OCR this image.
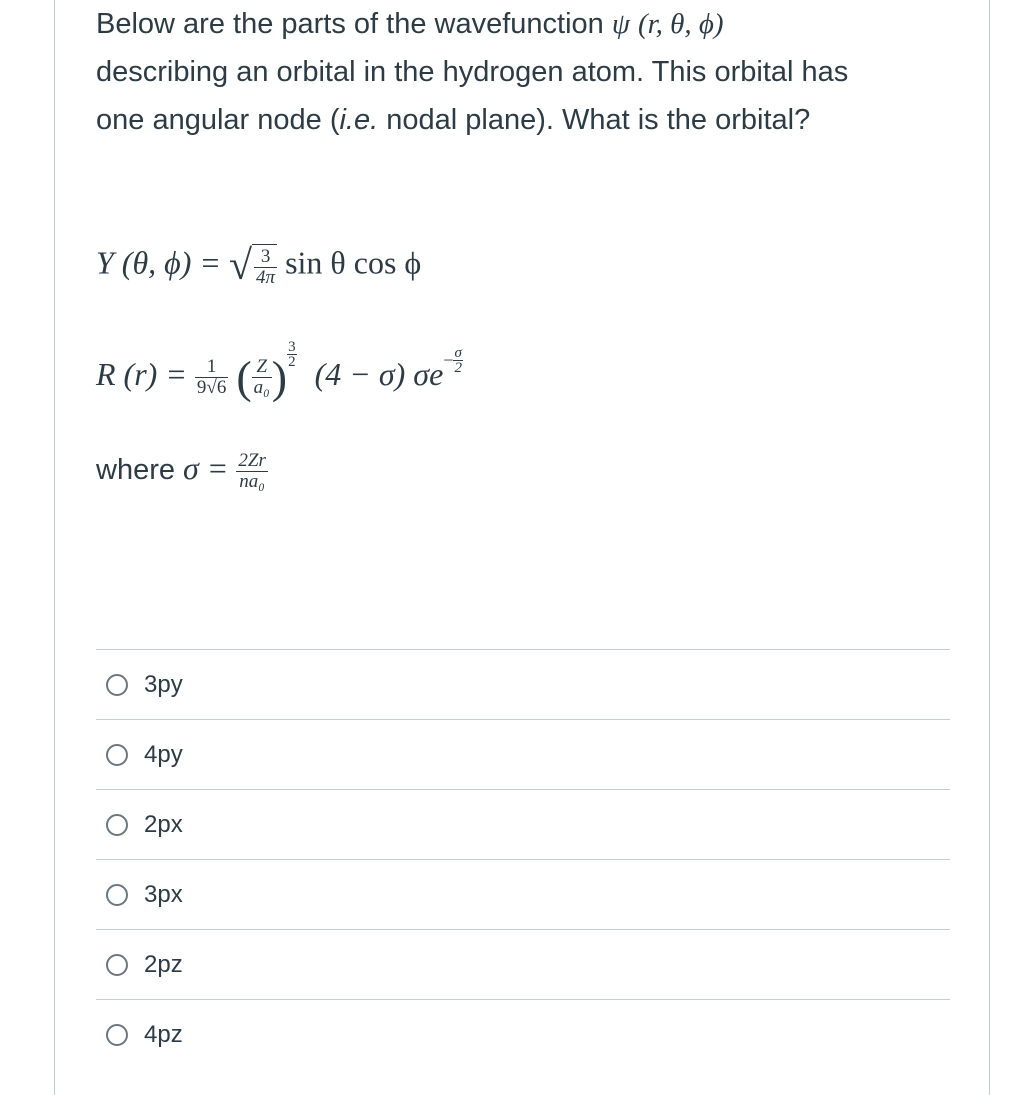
Below are the parts of the wavefunction ψ (r, θ, ϕ)
describing an orbital in the hydrogen atom. This orbital has
one angular node (i.e. nodal plane). What is the orbital?
Y (θ, ϕ) = √ $\frac{3}{4\pi}$ sin θ cos ϕ
R $(r) = \frac{1}{9√6}$ ( $\frac{Z}{\text{a₀}}$ ) $\frac{3}{2}$
(4 − σ) $\sigma e^- \frac{\sigma}{2}$
where $\sigma = \frac{2Zr}{\text{na₀}}$
3py
4py
2px
3px
2pz
4pz
